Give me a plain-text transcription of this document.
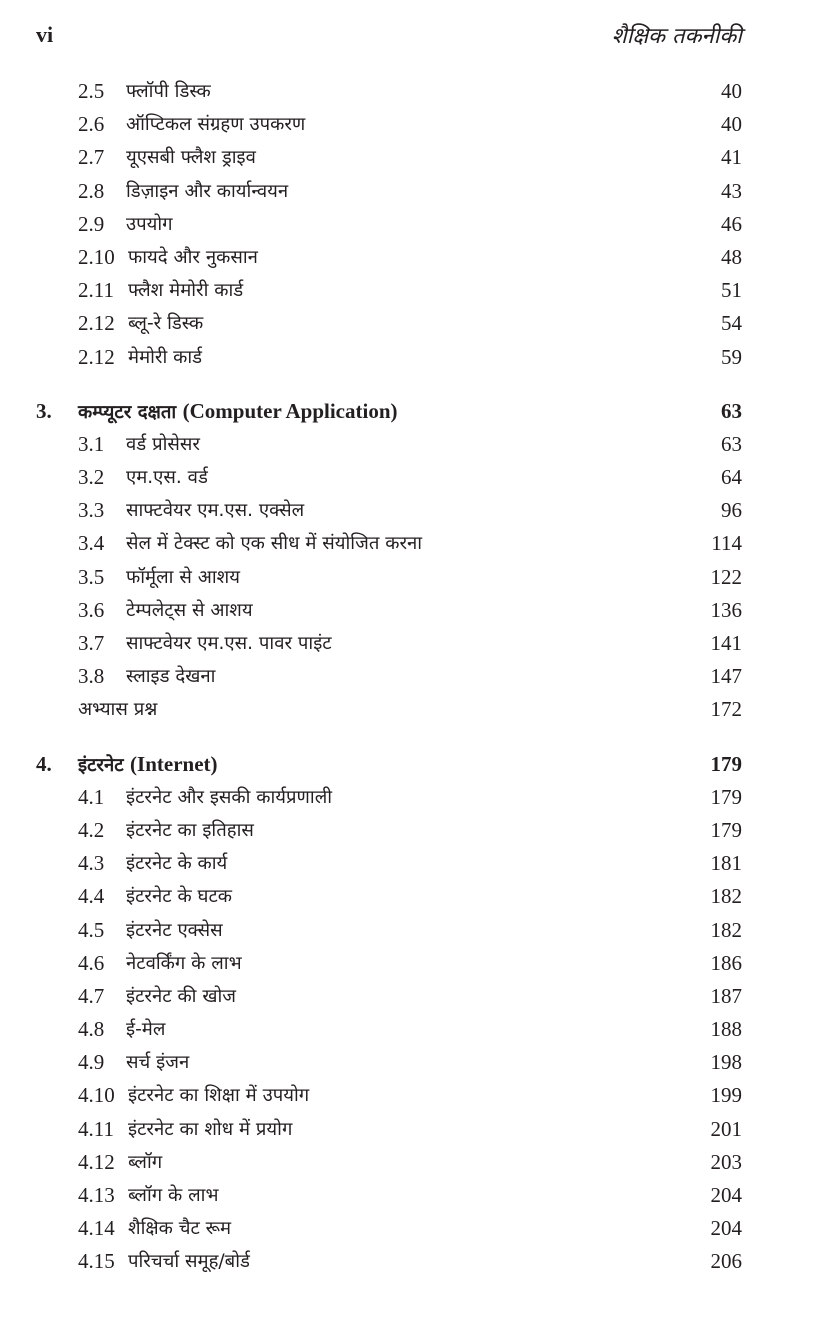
vi	शैक्षिक तकनीकी
2.5 फ्लॉपी डिस्क	40
2.6 ऑप्टिकल संग्रहण उपकरण	40
2.7 यूएसबी फ्लैश ड्राइव	41
2.8 डिज़ाइन और कार्यान्वयन	43
2.9 उपयोग	46
2.10 फायदे और नुकसान	48
2.11 फ्लैश मेमोरी कार्ड	51
2.12 ब्लू-रे डिस्क	54
2.12 मेमोरी कार्ड	59
3. कम्प्यूटर दक्षता (Computer Application)	63
3.1 वर्ड प्रोसेसर	63
3.2 एम.एस. वर्ड	64
3.3 साफ्टवेयर एम.एस. एक्सेल	96
3.4 सेल में टेक्स्ट को एक सीध में संयोजित करना	114
3.5 फॉर्मूला से आशय	122
3.6 टेम्पलेट्स से आशय	136
3.7 साफ्टवेयर एम.एस. पावर पाइंट	141
3.8 स्लाइड देखना	147
अभ्यास प्रश्न	172
4. इंटरनेट (Internet)	179
4.1 इंटरनेट और इसकी कार्यप्रणाली	179
4.2 इंटरनेट का इतिहास	179
4.3 इंटरनेट के कार्य	181
4.4 इंटरनेट के घटक	182
4.5 इंटरनेट एक्सेस	182
4.6 नेटवर्किंग के लाभ	186
4.7 इंटरनेट की खोज	187
4.8 ई-मेल	188
4.9 सर्च इंजन	198
4.10 इंटरनेट का शिक्षा में उपयोग	199
4.11 इंटरनेट का शोध में प्रयोग	201
4.12 ब्लॉग	203
4.13 ब्लॉग के लाभ	204
4.14 शैक्षिक चैट रूम	204
4.15 परिचर्चा समूह/बोर्ड	206
